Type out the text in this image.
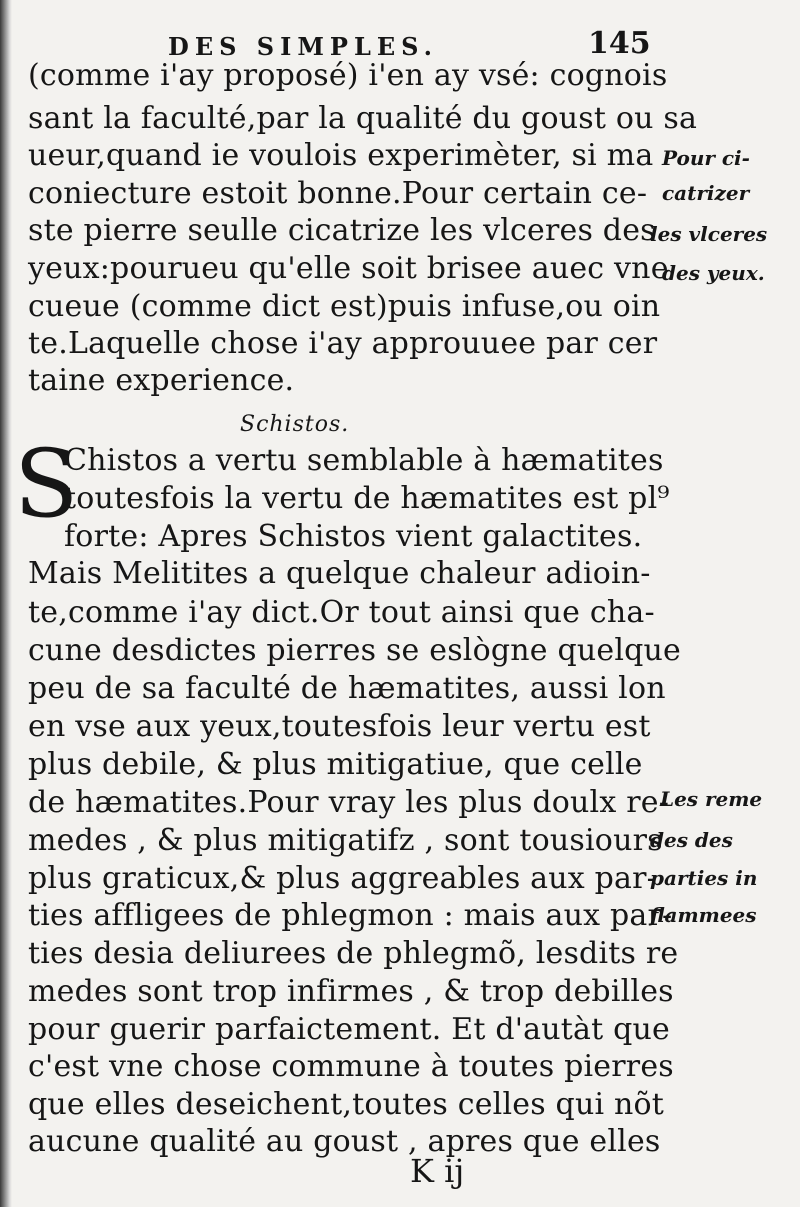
DES SIMPLES.	145
(comme i'ay proposé) i'en ay vsé: cognois
sant la faculté,par la qualité du goust ou sa
ueur,quand ie voulois experimèter, si ma
coniecture estoit bonne.Pour certain ce-
ste pierre seulle cicatrize les vlceres des
yeux:pourueu qu'elle soit brisee auec vne
cueue (comme dict est)puis infuse,ou oin
te.Laquelle chose i'ay approuuee par cer
taine experience.
Schistos.
S
Chistos a vertu semblable à hæmatites
toutesfois la vertu de hæmatites est pl⁹
forte: Apres Schistos vient galactites.
Mais Melitites a quelque chaleur adioin-
te,comme i'ay dict.Or tout ainsi que cha-
cune desdictes pierres se eslògne quelque
peu de sa faculté de hæmatites, aussi lon
en vse aux yeux,toutesfois leur vertu est
plus debile, & plus mitigatiue, que celle
de hæmatites.Pour vray les plus doulx re-
medes , & plus mitigatifz , sont tousiours
plus graticux,& plus aggreables aux par-
ties affligees de phlegmon : mais aux par-
ties desia deliurees de phlegmõ, lesdits re
medes sont trop infirmes , & trop debilles
pour guerir parfaictement. Et d'autàt que
c'est vne chose commune à toutes pierres
que elles deseichent,toutes celles qui nõt
aucune qualité au goust , apres que elles
Pour ci-
catrizer
les vlceres
des yeux.
Les reme
des des
parties in
flammees
K ij
